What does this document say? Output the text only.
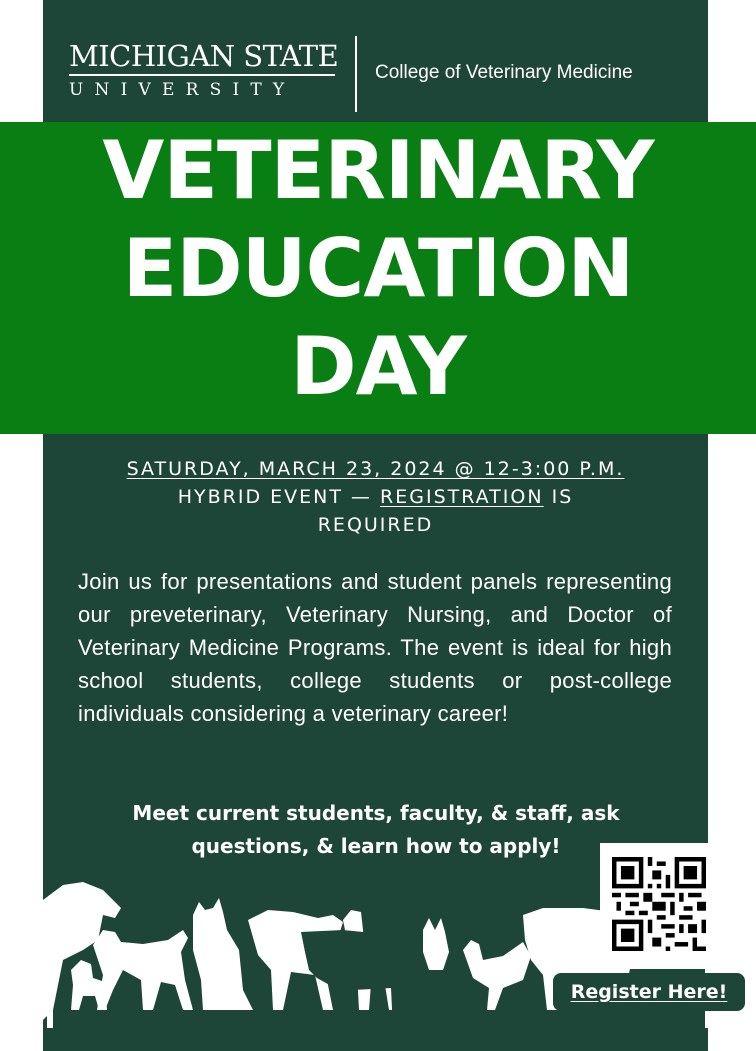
MICHIGAN STATE
UNIVERSITY
College of Veterinary Medicine
VETERINARY
EDUCATION
DAY
SATURDAY, MARCH 23, 2024 @ 12-3:00 P.M.
HYBRID EVENT — REGISTRATION IS
REQUIRED
Join us for presentations and student panels representing our preveterinary, Veterinary Nursing, and Doctor of Veterinary Medicine Programs. The event is ideal for high school students, college students or post-college individuals considering a veterinary career!
Meet current students, faculty, & staff, ask
questions, & learn how to apply!
Register Here!
